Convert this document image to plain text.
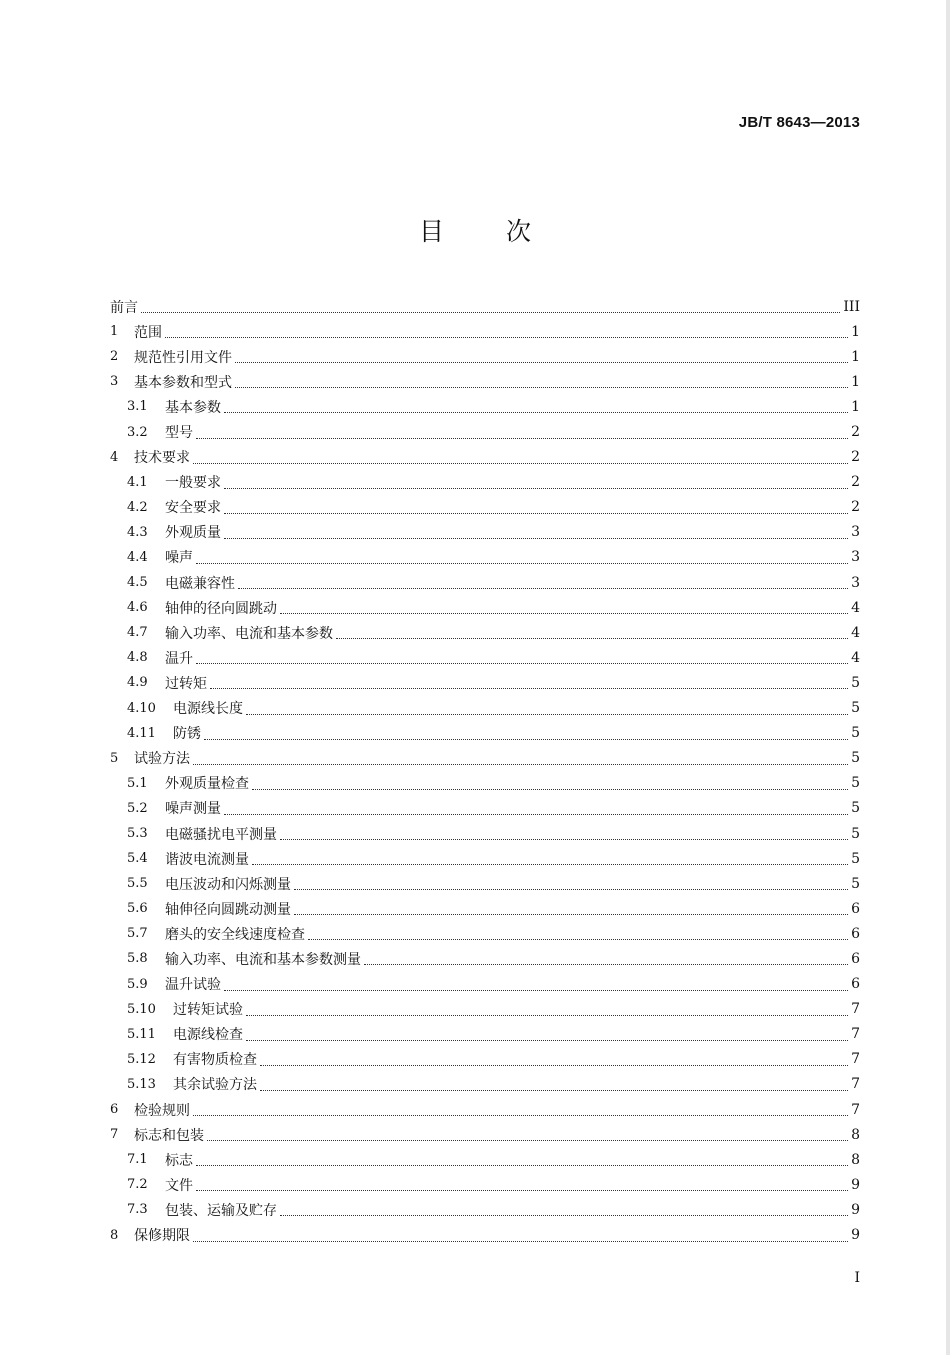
JB/T 8643—2013
目 次
前言	III
1	范围	1
2	规范性引用文件	1
3	基本参数和型式	1
3.1	基本参数	1
3.2	型号	2
4	技术要求	2
4.1	一般要求	2
4.2	安全要求	2
4.3	外观质量	3
4.4	噪声	3
4.5	电磁兼容性	3
4.6	轴伸的径向圆跳动	4
4.7	输入功率、电流和基本参数	4
4.8	温升	4
4.9	过转矩	5
4.10	电源线长度	5
4.11	防锈	5
5	试验方法	5
5.1	外观质量检查	5
5.2	噪声测量	5
5.3	电磁骚扰电平测量	5
5.4	谐波电流测量	5
5.5	电压波动和闪烁测量	5
5.6	轴伸径向圆跳动测量	6
5.7	磨头的安全线速度检查	6
5.8	输入功率、电流和基本参数测量	6
5.9	温升试验	6
5.10	过转矩试验	7
5.11	电源线检查	7
5.12	有害物质检查	7
5.13	其余试验方法	7
6	检验规则	7
7	标志和包装	8
7.1	标志	8
7.2	文件	9
7.3	包装、运输及贮存	9
8	保修期限	9
I
